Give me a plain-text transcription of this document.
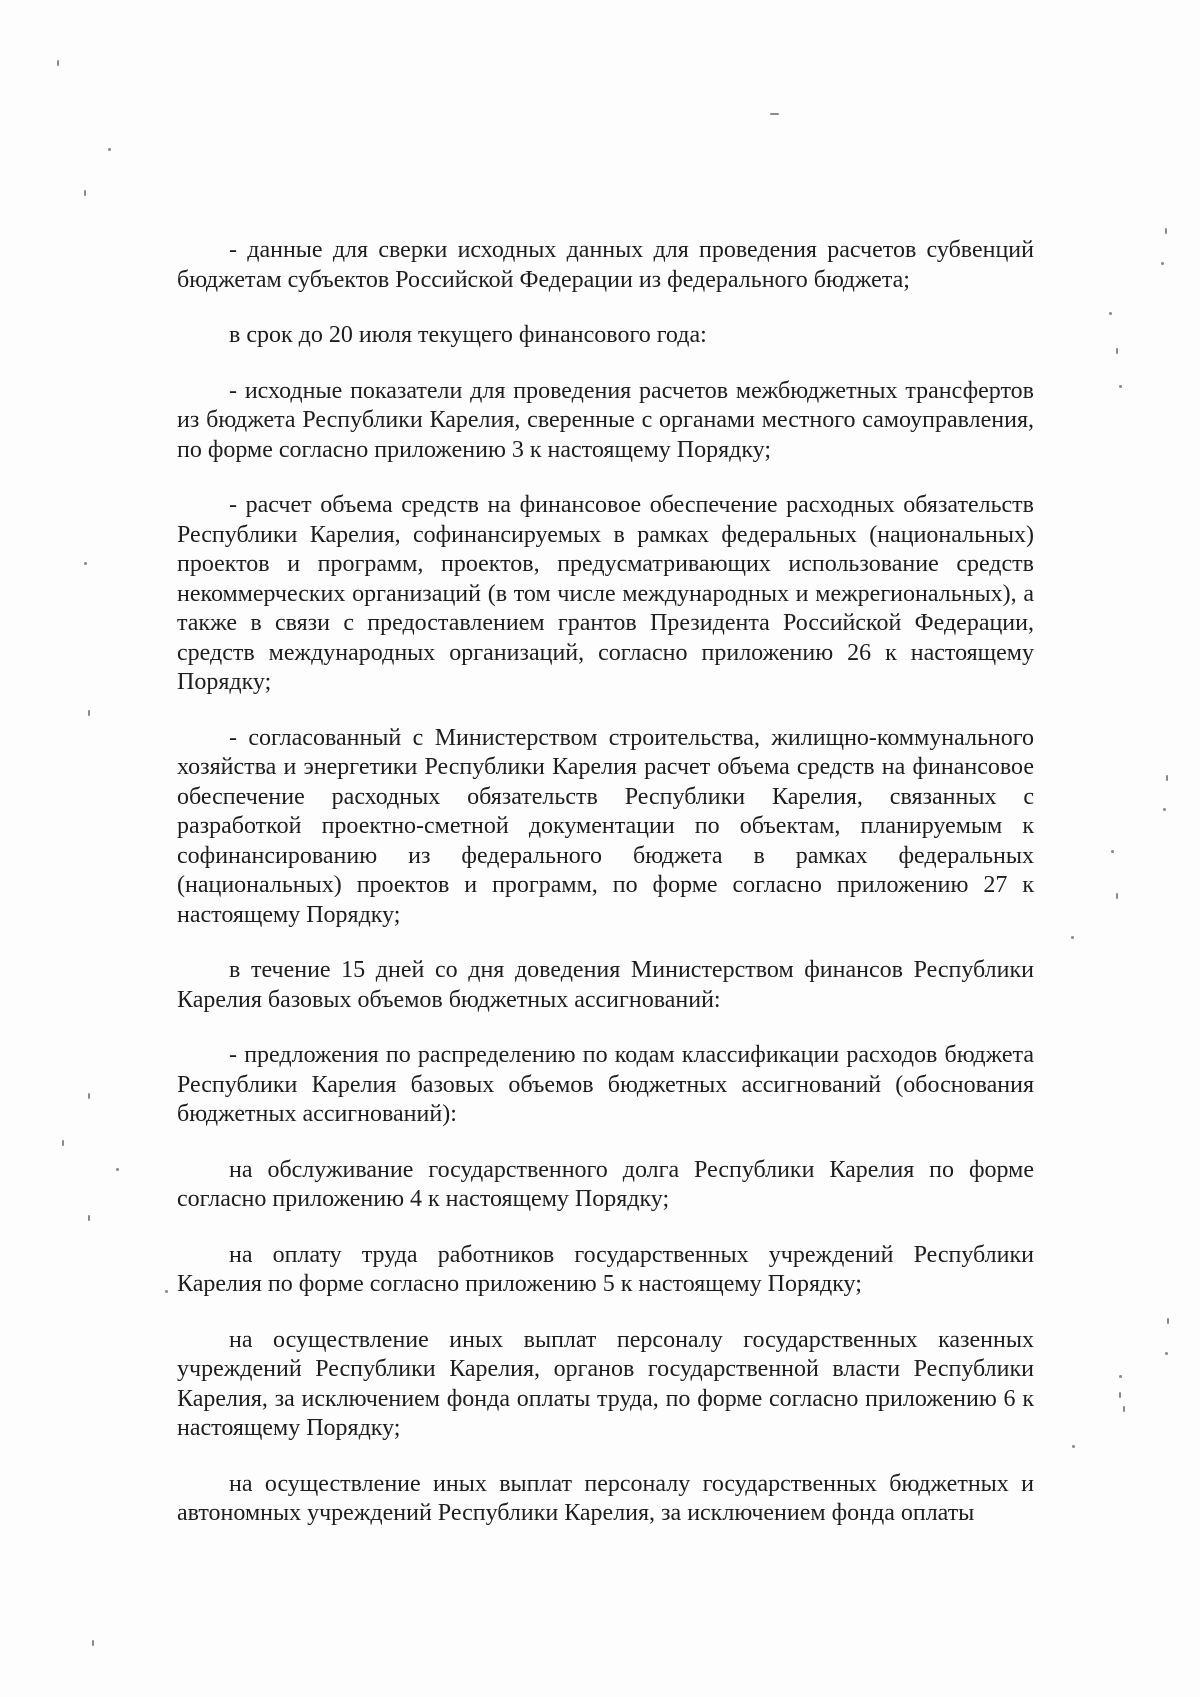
- данные для сверки исходных данных для проведения расчетов субвенций бюджетам субъектов Российской Федерации из федерального бюджета;

в срок до 20 июля текущего финансового года:

- исходные показатели для проведения расчетов межбюджетных трансфертов из бюджета Республики Карелия, сверенные с органами местного самоуправления, по форме согласно приложению 3 к настоящему Порядку;

- расчет объема средств на финансовое обеспечение расходных обязательств Республики Карелия, софинансируемых в рамках федеральных (национальных) проектов и программ, проектов, предусматривающих использование средств некоммерческих организаций (в том числе международных и межрегиональных), а также в связи с предоставлением грантов Президента Российской Федерации, средств международных организаций, согласно приложению 26 к настоящему Порядку;

- согласованный с Министерством строительства, жилищно-коммунального хозяйства и энергетики Республики Карелия расчет объема средств на финансовое обеспечение расходных обязательств Республики Карелия, связанных с разработкой проектно-сметной документации по объектам, планируемым к софинансированию из федерального бюджета в рамках федеральных (национальных) проектов и программ, по форме согласно приложению 27 к настоящему Порядку;

в течение 15 дней со дня доведения Министерством финансов Республики Карелия базовых объемов бюджетных ассигнований:

- предложения по распределению по кодам классификации расходов бюджета Республики Карелия базовых объемов бюджетных ассигнований (обоснования бюджетных ассигнований):

на обслуживание государственного долга Республики Карелия по форме согласно приложению 4 к настоящему Порядку;

на оплату труда работников государственных учреждений Республики Карелия по форме согласно приложению 5 к настоящему Порядку;

на осуществление иных выплат персоналу государственных казенных учреждений Республики Карелия, органов государственной власти Республики Карелия, за исключением фонда оплаты труда, по форме согласно приложению 6 к настоящему Порядку;

на осуществление иных выплат персоналу государственных бюджетных и автономных учреждений Республики Карелия, за исключением фонда оплаты
